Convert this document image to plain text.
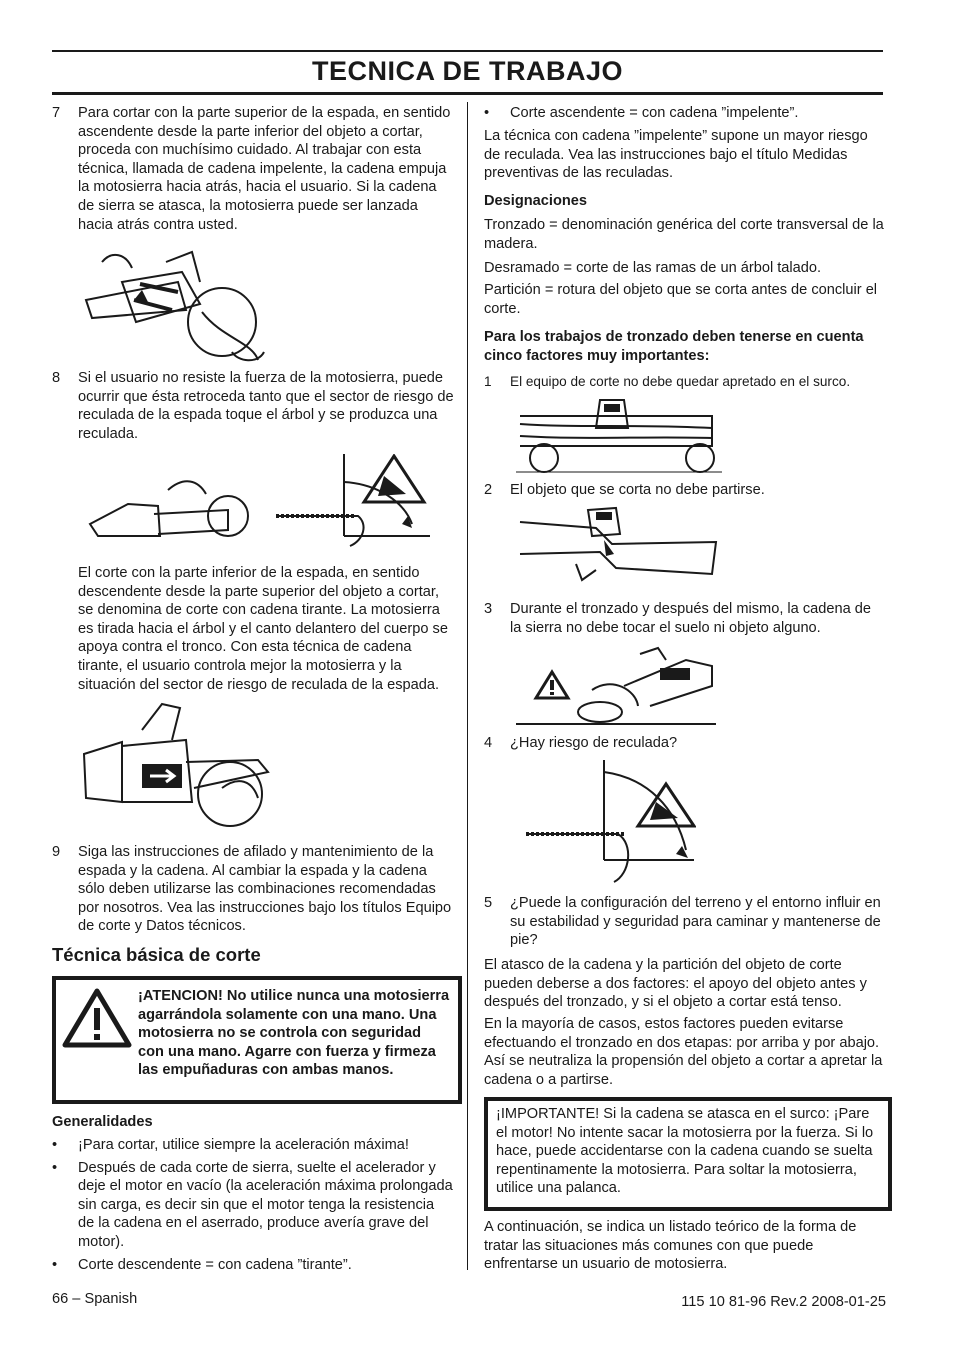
TECNICA DE TRABAJO
7	Para cortar con la parte superior de la espada, en sentido ascendente desde la parte inferior del objeto a cortar, proceda con muchísimo cuidado. Al trabajar con esta técnica, llamada de cadena impelente, la cadena empuja la motosierra hacia atrás, hacia el usuario. Si la cadena de sierra se atasca, la motosierra puede ser lanzada hacia atrás contra usted.
8	Si el usuario no resiste la fuerza de la motosierra, puede ocurrir que ésta retroceda tanto que el sector de riesgo de reculada de la espada toque el árbol y se produzca una reculada.
El corte con la parte inferior de la espada, en sentido descendente desde la parte superior del objeto a cortar, se denomina de corte con cadena tirante. La motosierra es tirada hacia el árbol y el canto delantero del cuerpo se apoya contra el tronco. Con esta técnica de cadena tirante, el usuario controla mejor la motosierra y la situación del sector de riesgo de reculada de la espada.
9	Siga las instrucciones de afilado y mantenimiento de la espada y la cadena. Al cambiar la espada y la cadena sólo deben utilizarse las combinaciones recomendadas por nosotros. Vea las instrucciones bajo los títulos Equipo de corte y Datos técnicos.
Técnica básica de corte
¡ATENCION! No utilice nunca una motosierra agarrándola solamente con una mano. Una motosierra no se controla con seguridad con una mano. Agarre con fuerza y firmeza las empuñaduras con ambas manos.
Generalidades
•	¡Para cortar, utilice siempre la aceleración máxima!
•	Después de cada corte de sierra, suelte el acelerador y deje el motor en vacío (la aceleración máxima prolongada sin carga, es decir sin que el motor tenga la resistencia de la cadena en el aserrado, produce avería grave del motor).
•	Corte descendente = con cadena ”tirante”.
•	Corte ascendente = con cadena ”impelente”.
La técnica con cadena ”impelente” supone un mayor riesgo de reculada. Vea las instrucciones bajo el título Medidas preventivas de las reculadas.
Designaciones
Tronzado = denominación genérica del corte transversal de la madera.
Desramado = corte de las ramas de un árbol talado.
Partición = rotura del objeto que se corta antes de concluir el corte.
Para los trabajos de tronzado deben tenerse en cuenta cinco factores muy importantes:
1	El equipo de corte no debe quedar apretado en el surco.
2	El objeto que se corta no debe partirse.
3	Durante el tronzado y después del mismo, la cadena de la sierra no debe tocar el suelo ni objeto alguno.
4	¿Hay riesgo de reculada?
5	¿Puede la configuración del terreno y el entorno influir en su estabilidad y seguridad para caminar y mantenerse de pie?
El atasco de la cadena y la partición del objeto de corte pueden deberse a dos factores: el apoyo del objeto antes y después del tronzado, y si el objeto a cortar está tenso.
En la mayoría de casos, estos factores pueden evitarse efectuando el tronzado en dos etapas: por arriba y por abajo. Así se neutraliza la propensión del objeto a cortar a apretar la cadena o a partirse.
¡IMPORTANTE! Si la cadena se atasca en el surco: ¡Pare el motor! No intente sacar la motosierra por la fuerza. Si lo hace, puede accidentarse con la cadena cuando se suelta repentinamente la motosierra. Para soltar la motosierra, utilice una palanca.
A continuación, se indica un listado teórico de la forma de tratar las situaciones más comunes con que puede enfrentarse un usuario de motosierra.
66 – Spanish	115 10 81-96 Rev.2 2008-01-25
